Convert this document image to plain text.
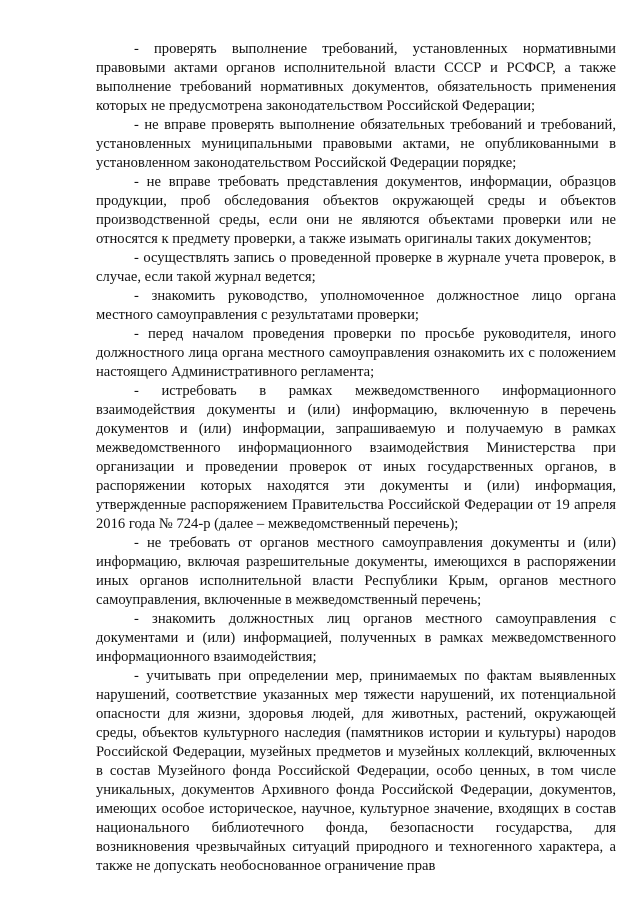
- проверять выполнение требований, установленных нормативными правовыми актами органов исполнительной власти СССР и РСФСР, а также выполнение требований нормативных документов, обязательность применения которых не предусмотрена законодательством Российской Федерации;

- не вправе проверять выполнение обязательных требований и требований, установленных муниципальными правовыми актами, не опубликованными в установленном законодательством Российской Федерации порядке;

- не вправе требовать представления документов, информации, образцов продукции, проб обследования объектов окружающей среды и объектов производственной среды, если они не являются объектами проверки или не относятся к предмету проверки, а также изымать оригиналы таких документов;

- осуществлять запись о проведенной проверке в журнале учета проверок, в случае, если такой журнал ведется;

- знакомить руководство, уполномоченное должностное лицо органа местного самоуправления с результатами проверки;

- перед началом проведения проверки по просьбе руководителя, иного должностного лица органа местного самоуправления ознакомить их с положением настоящего Административного регламента;

- истребовать в рамках межведомственного информационного взаимодействия документы и (или) информацию, включенную в перечень документов и (или) информации, запрашиваемую и получаемую в рамках межведомственного информационного взаимодействия Министерства при организации и проведении проверок от иных государственных органов, в распоряжении которых находятся эти документы и (или) информация, утвержденные распоряжением Правительства Российской Федерации от 19 апреля 2016 года № 724-р (далее – межведомственный перечень);

- не требовать от органов местного самоуправления документы и (или) информацию, включая разрешительные документы, имеющихся в распоряжении иных органов исполнительной власти Республики Крым, органов местного самоуправления, включенные в межведомственный перечень;

- знакомить должностных лиц органов местного самоуправления с документами и (или) информацией, полученных в рамках межведомственного информационного взаимодействия;

- учитывать при определении мер, принимаемых по фактам выявленных нарушений, соответствие указанных мер тяжести нарушений, их потенциальной опасности для жизни, здоровья людей, для животных, растений, окружающей среды, объектов культурного наследия (памятников истории и культуры) народов Российской Федерации, музейных предметов и музейных коллекций, включенных в состав Музейного фонда Российской Федерации, особо ценных, в том числе уникальных, документов Архивного фонда Российской Федерации, документов, имеющих особое историческое, научное, культурное значение, входящих в состав национального библиотечного фонда, безопасности государства, для возникновения чрезвычайных ситуаций природного и техногенного характера, а также не допускать необоснованное ограничение прав
